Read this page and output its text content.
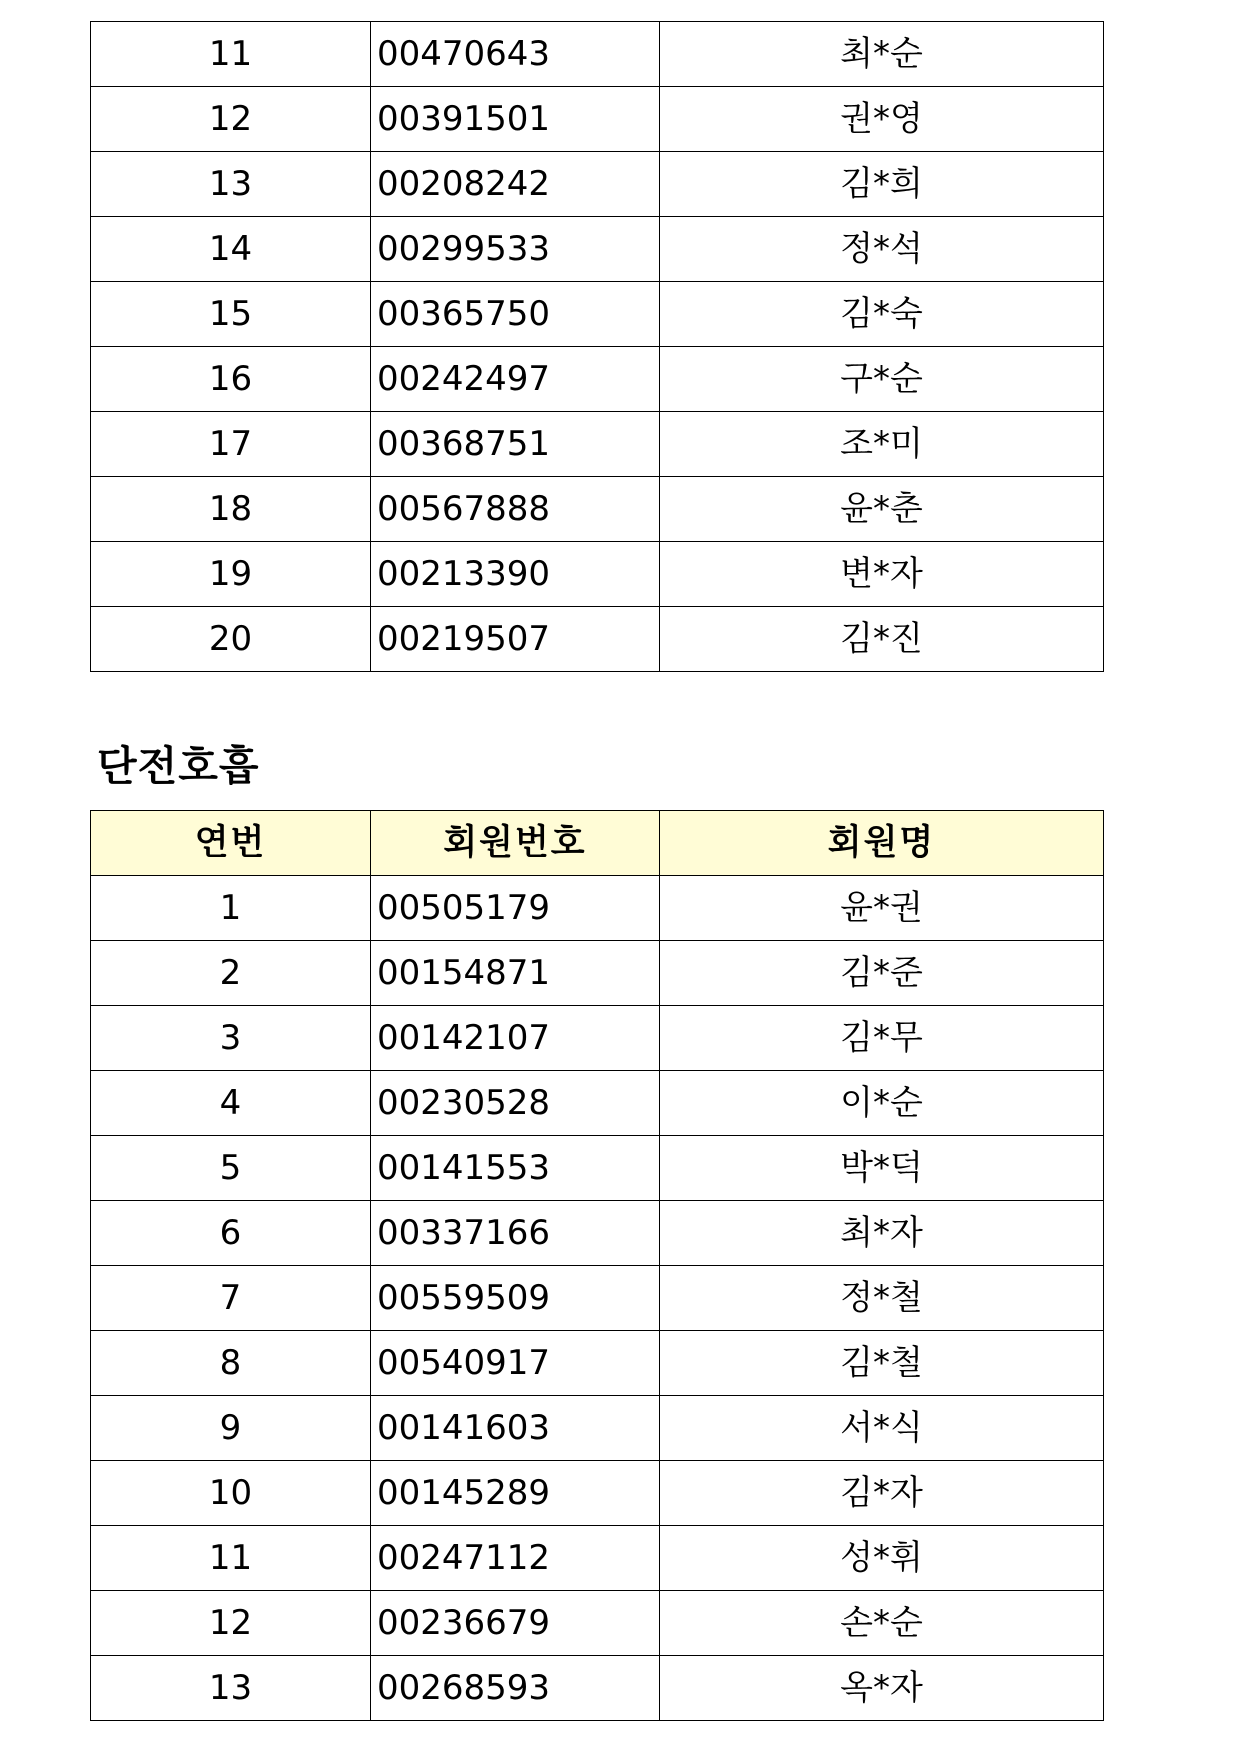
11	00470643	최*순
12	00391501	권*영
13	00208242	김*희
14	00299533	정*석
15	00365750	김*숙
16	00242497	구*순
17	00368751	조*미
18	00567888	윤*춘
19	00213390	변*자
20	00219507	김*진
단전호흡
연번	회원번호	회원명
1	00505179	윤*권
2	00154871	김*준
3	00142107	김*무
4	00230528	이*순
5	00141553	박*덕
6	00337166	최*자
7	00559509	정*철
8	00540917	김*철
9	00141603	서*식
10	00145289	김*자
11	00247112	성*휘
12	00236679	손*순
13	00268593	옥*자
